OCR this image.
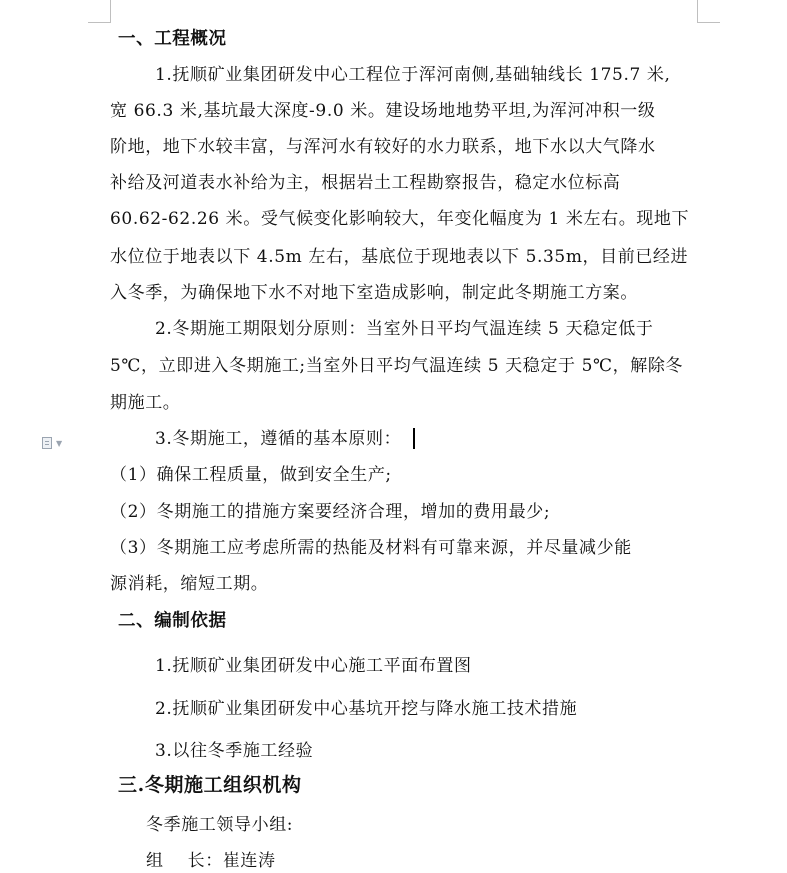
一、工程概况
1.抚顺矿业集团研发中心工程位于浑河南侧,基础轴线长 175.7 米,
宽 66.3 米,基坑最大深度-9.0 米。建设场地地势平坦,为浑河冲积一级
阶地，地下水较丰富，与浑河水有较好的水力联系，地下水以大气降水
补给及河道表水补给为主，根据岩土工程勘察报告，稳定水位标高
60.62-62.26 米。受气候变化影响较大，年变化幅度为 1 米左右。现地下
水位位于地表以下 4.5m 左右，基底位于现地表以下 5.35m，目前已经进
入冬季，为确保地下水不对地下室造成影响，制定此冬期施工方案。
2.冬期施工期限划分原则：当室外日平均气温连续 5 天稳定低于
5℃，立即进入冬期施工;当室外日平均气温连续 5 天稳定于 5℃，解除冬
期施工。
▼	3.冬期施工，遵循的基本原则：
（1）确保工程质量，做到安全生产;
（2）冬期施工的措施方案要经济合理，增加的费用最少;
（3）冬期施工应考虑所需的热能及材料有可靠来源，并尽量减少能
源消耗，缩短工期。
二、编制依据
1.抚顺矿业集团研发中心施工平面布置图
2.抚顺矿业集团研发中心基坑开挖与降水施工技术措施
3.以往冬季施工经验
三.冬期施工组织机构
冬季施工领导小组:
组    长：崔连涛
